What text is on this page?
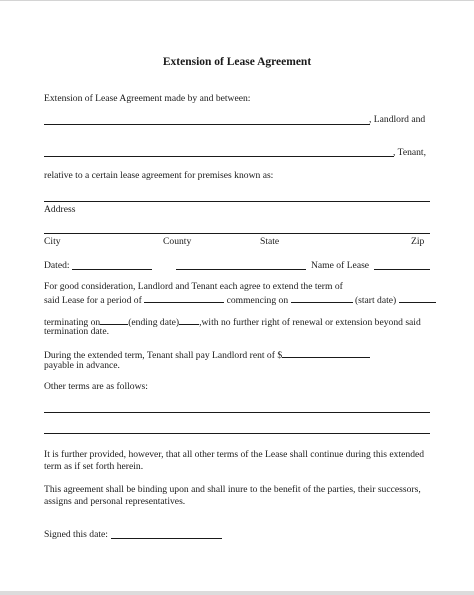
Extension of Lease Agreement
Extension of Lease Agreement made by and between:
, Landlord and
, Tenant,
relative to a certain lease agreement for premises known as:
Address
City	County	State	Zip
Dated:	Name of Lease
For good consideration, Landlord and Tenant each agree to extend the term of
said Lease for a period of	commencing on	(start date)
terminating on	(ending date) ,with no further right of renewal or extension beyond said
termination date.
During the extended term, Tenant shall pay Landlord rent of $
payable in advance.
Other terms are as follows:
It is further provided, however, that all other terms of the Lease shall continue during this extended
term as if set forth herein.
This agreement shall be binding upon and shall inure to the benefit of the parties, their successors,
assigns and personal representatives.
Signed this date:
